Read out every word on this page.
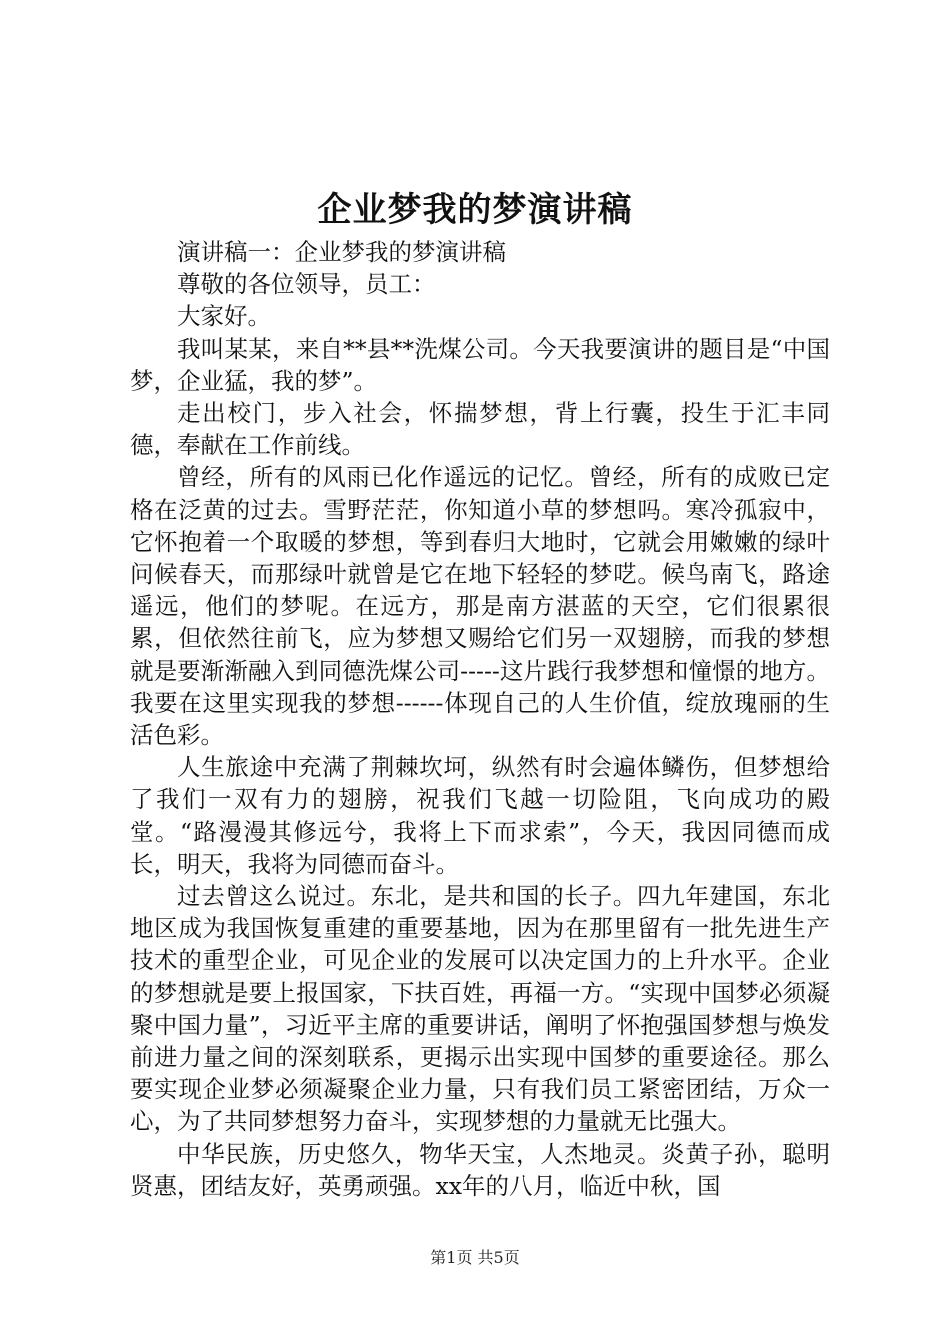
企业梦我的梦演讲稿

演讲稿一：企业梦我的梦演讲稿

尊敬的各位领导，员工：

大家好。

我叫某某，来自**县**洗煤公司。今天我要演讲的题目是“中国梦，企业猛，我的梦”。

走出校门，步入社会，怀揣梦想，背上行囊，投生于汇丰同德，奉献在工作前线。

曾经，所有的风雨已化作遥远的记忆。曾经，所有的成败已定格在泛黄的过去。雪野茫茫，你知道小草的梦想吗。寒冷孤寂中，它怀抱着一个取暖的梦想，等到春归大地时，它就会用嫩嫩的绿叶问候春天，而那绿叶就曾是它在地下轻轻的梦呓。候鸟南飞，路途遥远，他们的梦呢。在远方，那是南方湛蓝的天空，它们很累很累，但依然往前飞，应为梦想又赐给它们另一双翅膀，而我的梦想就是要渐渐融入到同德洗煤公司-----这片践行我梦想和憧憬的地方。我要在这里实现我的梦想------体现自己的人生价值，绽放瑰丽的生活色彩。

人生旅途中充满了荆棘坎坷，纵然有时会遍体鳞伤，但梦想给了我们一双有力的翅膀，祝我们飞越一切险阻，飞向成功的殿堂。“路漫漫其修远兮，我将上下而求索”，今天，我因同德而成长，明天，我将为同德而奋斗。

过去曾这么说过。东北，是共和国的长子。四九年建国，东北地区成为我国恢复重建的重要基地，因为在那里留有一批先进生产技术的重型企业，可见企业的发展可以决定国力的上升水平。企业的梦想就是要上报国家，下扶百姓，再福一方。“实现中国梦必须凝聚中国力量”，习近平主席的重要讲话，阐明了怀抱强国梦想与焕发前进力量之间的深刻联系，更揭示出实现中国梦的重要途径。那么要实现企业梦必须凝聚企业力量，只有我们员工紧密团结，万众一心，为了共同梦想努力奋斗，实现梦想的力量就无比强大。

中华民族，历史悠久，物华天宝，人杰地灵。炎黄子孙，聪明贤惠，团结友好，英勇顽强。xx年的八月，临近中秋，国

第1页 共5页
